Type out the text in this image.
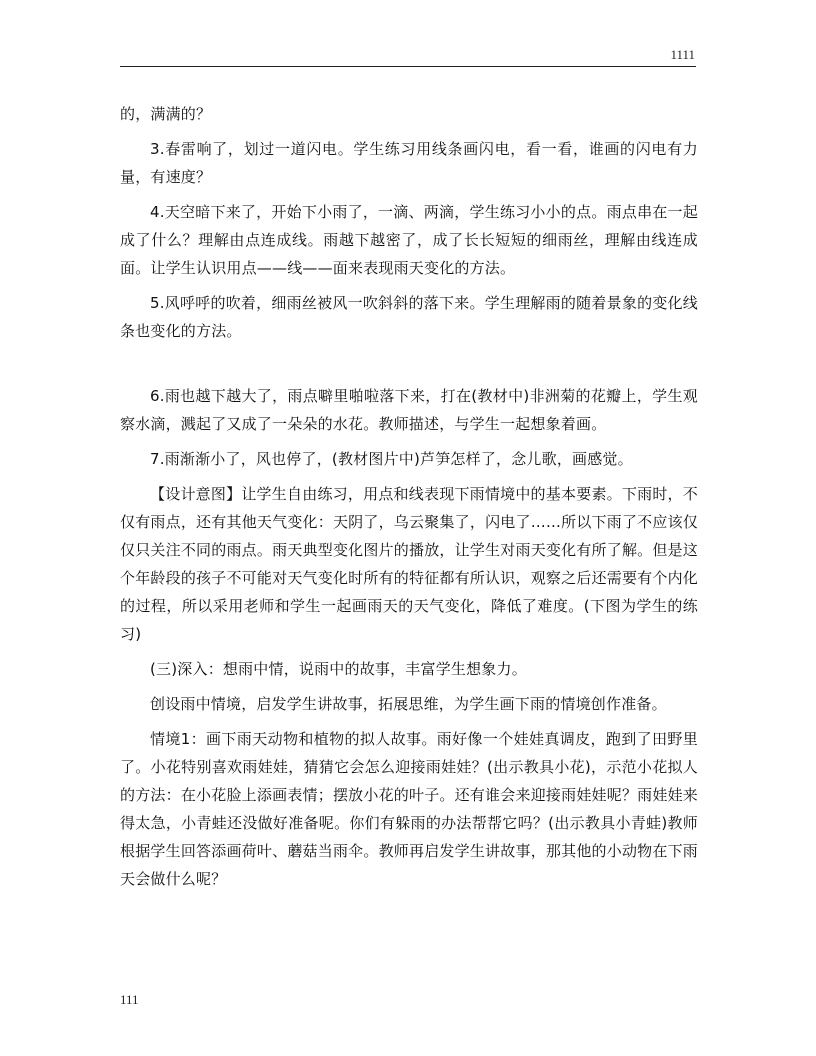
1111

的，满满的？

3.春雷响了，划过一道闪电。学生练习用线条画闪电，看一看，谁画的闪电有力量，有速度？

4.天空暗下来了，开始下小雨了，一滴、两滴，学生练习小小的点。雨点串在一起成了什么？理解由点连成线。雨越下越密了，成了长长短短的细雨丝，理解由线连成面。让学生认识用点——线——面来表现雨天变化的方法。

5.风呼呼的吹着，细雨丝被风一吹斜斜的落下来。学生理解雨的随着景象的变化线条也变化的方法。

6.雨也越下越大了，雨点噼里啪啦落下来，打在(教材中)非洲菊的花瓣上，学生观察水滴，溅起了又成了一朵朵的水花。教师描述，与学生一起想象着画。

7.雨渐渐小了，风也停了，(教材图片中)芦笋怎样了，念儿歌，画感觉。

【设计意图】让学生自由练习，用点和线表现下雨情境中的基本要素。下雨时，不仅有雨点，还有其他天气变化：天阴了，乌云聚集了，闪电了……所以下雨了不应该仅仅只关注不同的雨点。雨天典型变化图片的播放，让学生对雨天变化有所了解。但是这个年龄段的孩子不可能对天气变化时所有的特征都有所认识，观察之后还需要有个内化的过程，所以采用老师和学生一起画雨天的天气变化，降低了难度。(下图为学生的练习)

(三)深入：想雨中情，说雨中的故事，丰富学生想象力。

创设雨中情境，启发学生讲故事，拓展思维，为学生画下雨的情境创作准备。

情境1：画下雨天动物和植物的拟人故事。雨好像一个娃娃真调皮，跑到了田野里了。小花特别喜欢雨娃娃，猜猜它会怎么迎接雨娃娃？(出示教具小花)，示范小花拟人的方法：在小花脸上添画表情；摆放小花的叶子。还有谁会来迎接雨娃娃呢？雨娃娃来得太急，小青蛙还没做好准备呢。你们有躲雨的办法帮帮它吗？(出示教具小青蛙)教师根据学生回答添画荷叶、蘑菇当雨伞。教师再启发学生讲故事，那其他的小动物在下雨天会做什么呢？

111
